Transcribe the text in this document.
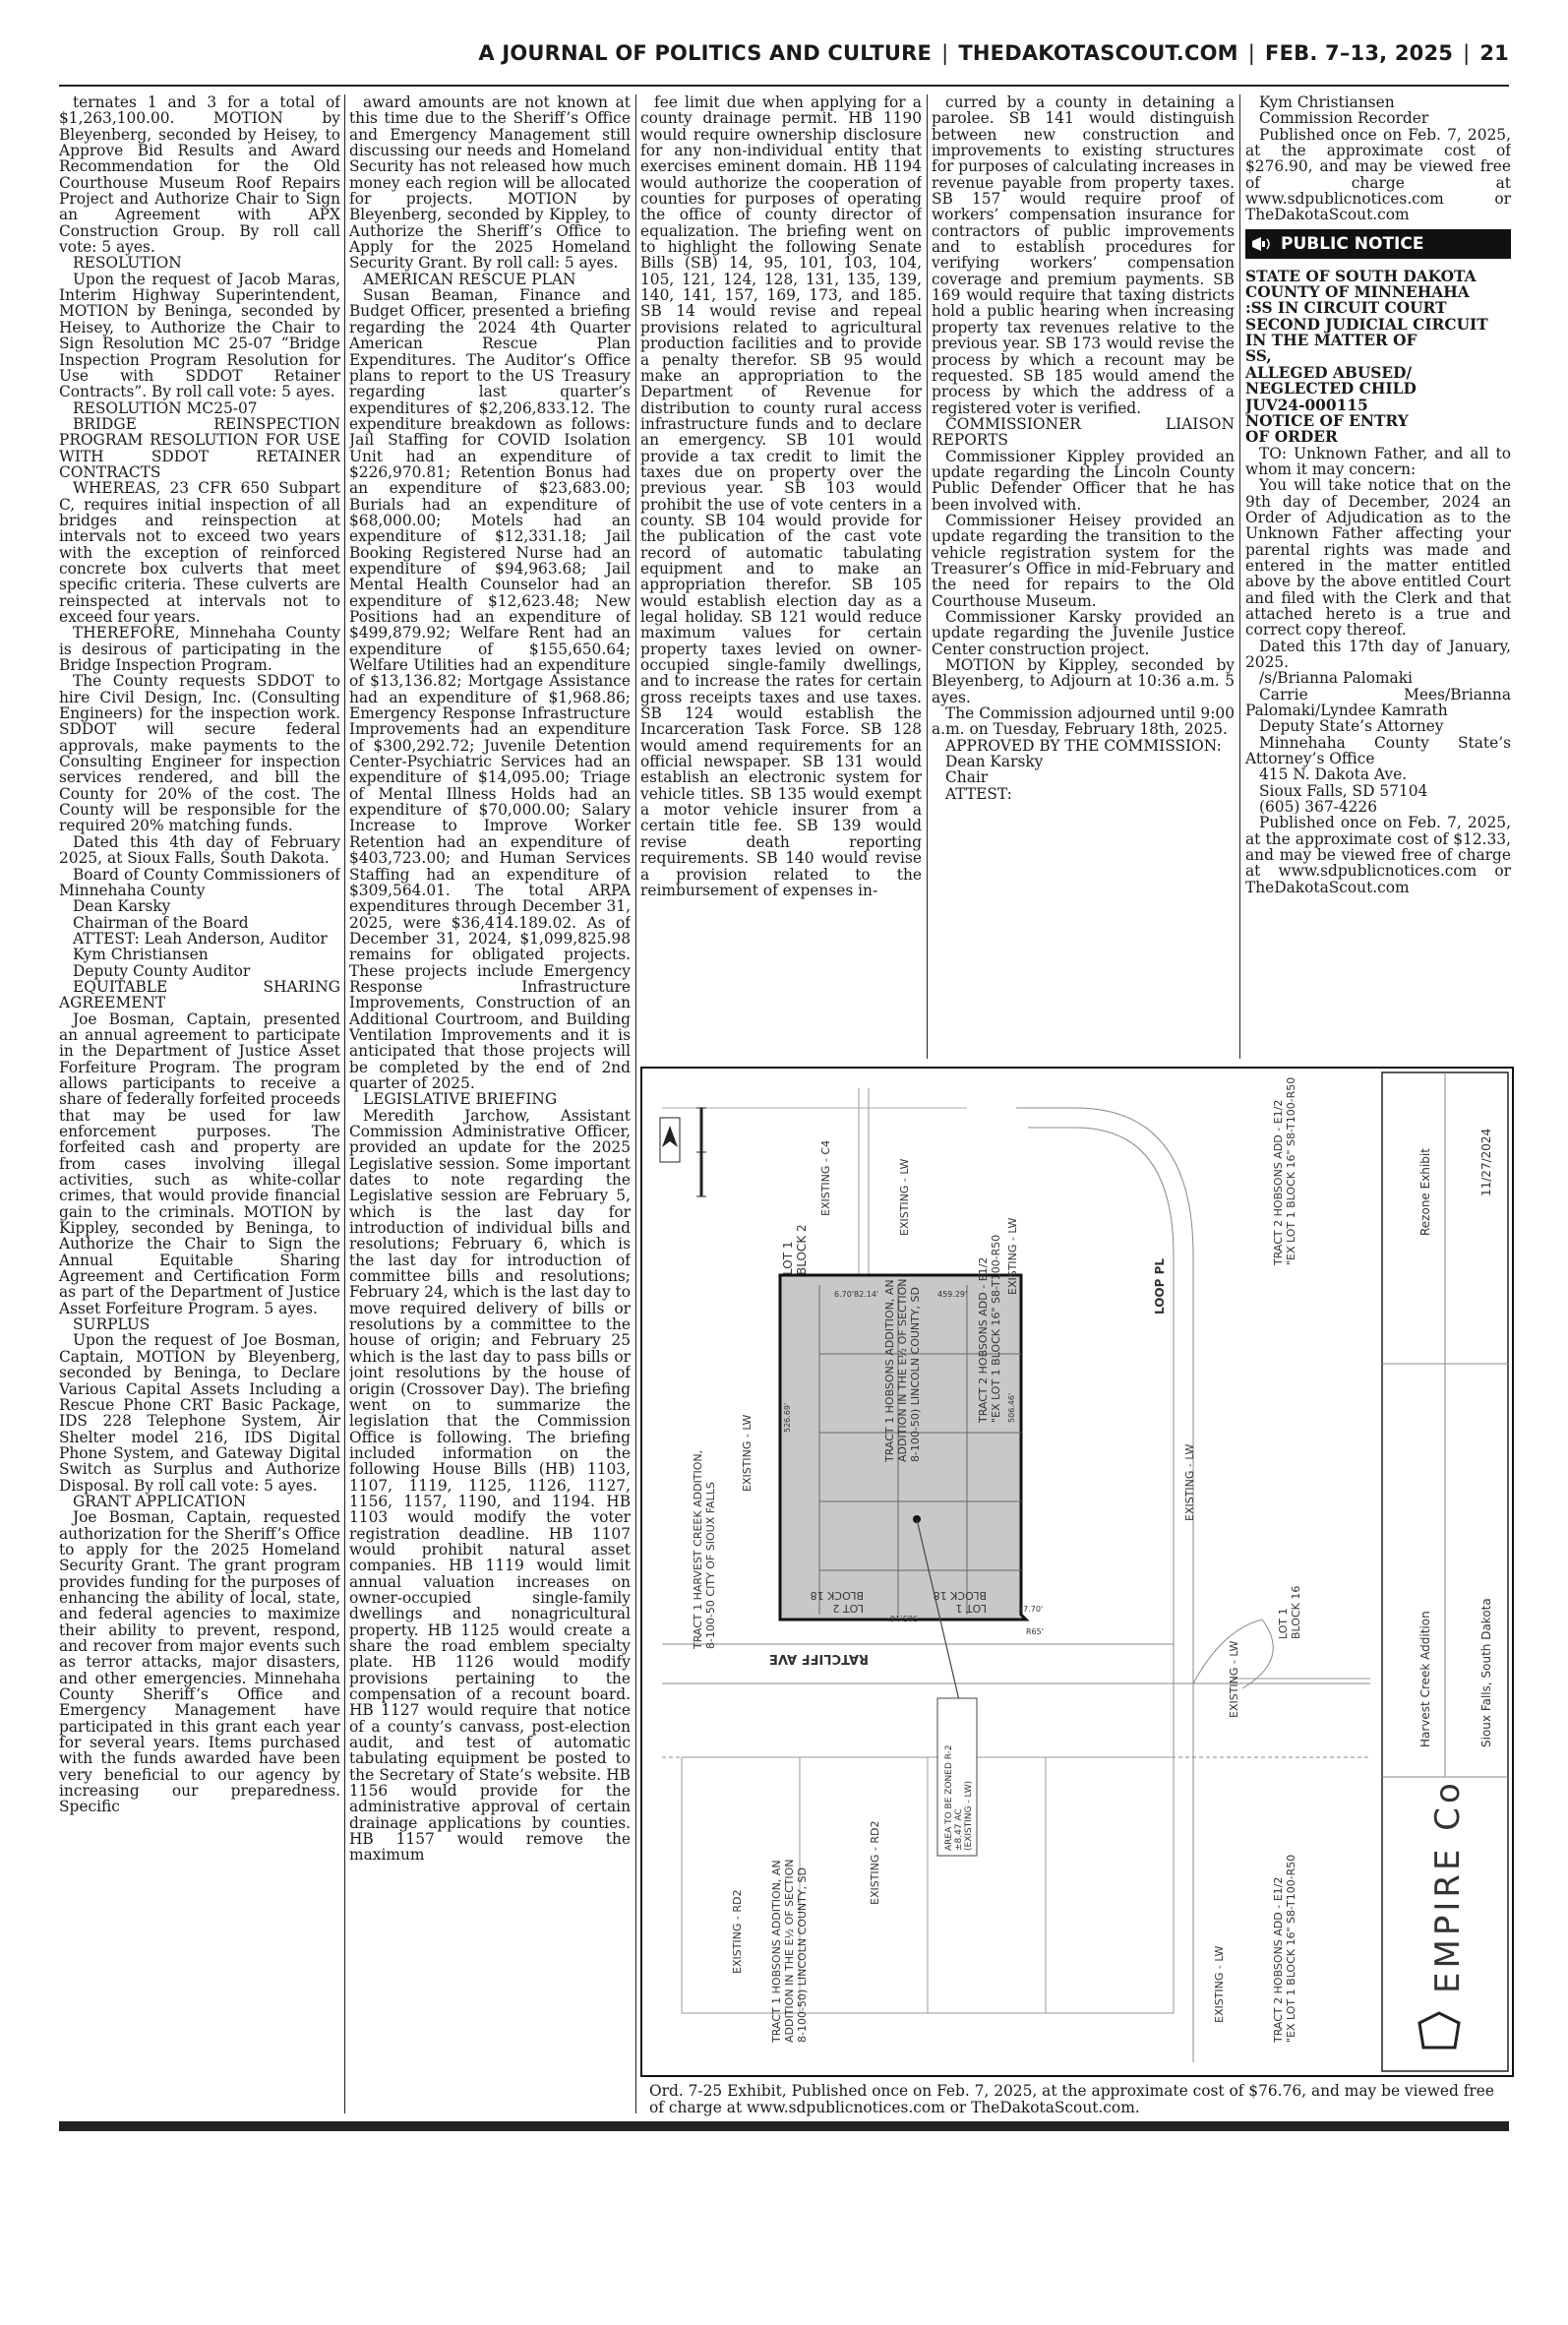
A JOURNAL OF POLITICS AND CULTURE | THEDAKOTASCOUT.COM | FEB. 7–13, 2025 | 21

ternates 1 and 3 for a total of $1,263,100.00. MOTION by Bleyenberg, seconded by Heisey, to Approve Bid Results and Award Recommendation for the Old Courthouse Museum Roof Repairs Project and Authorize Chair to Sign an Agreement with APX Construction Group. By roll call vote: 5 ayes.

RESOLUTION

Upon the request of Jacob Maras, Interim Highway Superintendent, MOTION by Beninga, seconded by Heisey, to Authorize the Chair to Sign Resolution MC 25-07 “Bridge Inspection Program Resolution for Use with SDDOT Retainer Contracts”. By roll call vote: 5 ayes.

RESOLUTION MC25-07

BRIDGE REINSPECTION PROGRAM RESOLUTION FOR USE WITH SDDOT RETAINER CONTRACTS

WHEREAS, 23 CFR 650 Subpart C, requires initial inspection of all bridges and reinspection at intervals not to exceed two years with the exception of reinforced concrete box culverts that meet specific criteria. These culverts are reinspected at intervals not to exceed four years.

THEREFORE, Minnehaha County is desirous of participating in the Bridge Inspection Program.

The County requests SDDOT to hire Civil Design, Inc. (Consulting Engineers) for the inspection work. SDDOT will secure federal approvals, make payments to the Consulting Engineer for inspection services rendered, and bill the County for 20% of the cost. The County will be responsible for the required 20% matching funds.

Dated this 4th day of February 2025, at Sioux Falls, South Dakota.

Board of County Commissioners of Minnehaha County

Dean Karsky

Chairman of the Board

ATTEST: Leah Anderson, Auditor

Kym Christiansen

Deputy County Auditor

EQUITABLE SHARING AGREEMENT

Joe Bosman, Captain, presented an annual agreement to participate in the Department of Justice Asset Forfeiture Program. The program allows participants to receive a share of federally forfeited proceeds that may be used for law enforcement purposes. The forfeited cash and property are from cases involving illegal activities, such as white-collar crimes, that would provide financial gain to the criminals. MOTION by Kippley, seconded by Beninga, to Authorize the Chair to Sign the Annual Equitable Sharing Agreement and Certification Form as part of the Department of Justice Asset Forfeiture Program. 5 ayes.

SURPLUS

Upon the request of Joe Bosman, Captain, MOTION by Bleyenberg, seconded by Beninga, to Declare Various Capital Assets Including a Rescue Phone CRT Basic Package, IDS 228 Telephone System, Air Shelter model 216, IDS Digital Phone System, and Gateway Digital Switch as Surplus and Authorize Disposal. By roll call vote: 5 ayes.

GRANT APPLICATION

Joe Bosman, Captain, requested authorization for the Sheriff’s Office to apply for the 2025 Homeland Security Grant. The grant program provides funding for the purposes of enhancing the ability of local, state, and federal agencies to maximize their ability to prevent, respond, and recover from major events such as terror attacks, major disasters, and other emergencies. Minnehaha County Sheriff’s Office and Emergency Management have participated in this grant each year for several years. Items purchased with the funds awarded have been very beneficial to our agency by increasing our preparedness. Specific

award amounts are not known at this time due to the Sheriff’s Office and Emergency Management still discussing our needs and Homeland Security has not released how much money each region will be allocated for projects. MOTION by Bleyenberg, seconded by Kippley, to Authorize the Sheriff’s Office to Apply for the 2025 Homeland Security Grant. By roll call: 5 ayes.

AMERICAN RESCUE PLAN

Susan Beaman, Finance and Budget Officer, presented a briefing regarding the 2024 4th Quarter American Rescue Plan Expenditures. The Auditor’s Office plans to report to the US Treasury regarding last quarter’s expenditures of $2,206,833.12. The expenditure breakdown as follows: Jail Staffing for COVID Isolation Unit had an expenditure of $226,970.81; Retention Bonus had an expenditure of $23,683.00; Burials had an expenditure of $68,000.00; Motels had an expenditure of $12,331.18; Jail Booking Registered Nurse had an expenditure of $94,963.68; Jail Mental Health Counselor had an expenditure of $12,623.48; New Positions had an expenditure of $499,879.92; Welfare Rent had an expenditure of $155,650.64; Welfare Utilities had an expenditure of $13,136.82; Mortgage Assistance had an expenditure of $1,968.86; Emergency Response Infrastructure Improvements had an expenditure of $300,292.72; Juvenile Detention Center-Psychiatric Services had an expenditure of $14,095.00; Triage of Mental Illness Holds had an expenditure of $70,000.00; Salary Increase to Improve Worker Retention had an expenditure of $403,723.00; and Human Services Staffing had an expenditure of $309,564.01. The total ARPA expenditures through December 31, 2025, were $36,414.189.02. As of December 31, 2024, $1,099,825.98 remains for obligated projects. These projects include Emergency Response Infrastructure Improvements, Construction of an Additional Courtroom, and Building Ventilation Improvements and it is anticipated that those projects will be completed by the end of 2nd quarter of 2025.

LEGISLATIVE BRIEFING

Meredith Jarchow, Assistant Commission Administrative Officer, provided an update for the 2025 Legislative session. Some important dates to note regarding the Legislative session are February 5, which is the last day for introduction of individual bills and resolutions; February 6, which is the last day for introduction of committee bills and resolutions; February 24, which is the last day to move required delivery of bills or resolutions by a committee to the house of origin; and February 25 which is the last day to pass bills or joint resolutions by the house of origin (Crossover Day). The briefing went on to summarize the legislation that the Commission Office is following. The briefing included information on the following House Bills (HB) 1103, 1107, 1119, 1125, 1126, 1127, 1156, 1157, 1190, and 1194. HB 1103 would modify the voter registration deadline. HB 1107 would prohibit natural asset companies. HB 1119 would limit annual valuation increases on owner-occupied single-family dwellings and nonagricultural property. HB 1125 would create a share the road emblem specialty plate. HB 1126 would modify provisions pertaining to the compensation of a recount board. HB 1127 would require that notice of a county’s canvass, post-election audit, and test of automatic tabulating equipment be posted to the Secretary of State’s website. HB 1156 would provide for the administrative approval of certain drainage applications by counties. HB 1157 would remove the maximum

fee limit due when applying for a county drainage permit. HB 1190 would require ownership disclosure for any non-individual entity that exercises eminent domain. HB 1194 would authorize the cooperation of counties for purposes of operating the office of county director of equalization. The briefing went on to highlight the following Senate Bills (SB) 14, 95, 101, 103, 104, 105, 121, 124, 128, 131, 135, 139, 140, 141, 157, 169, 173, and 185. SB 14 would revise and repeal provisions related to agricultural production facilities and to provide a penalty therefor. SB 95 would make an appropriation to the Department of Revenue for distribution to county rural access infrastructure funds and to declare an emergency. SB 101 would provide a tax credit to limit the taxes due on property over the previous year. SB 103 would prohibit the use of vote centers in a county. SB 104 would provide for the publication of the cast vote record of automatic tabulating equipment and to make an appropriation therefor. SB 105 would establish election day as a legal holiday. SB 121 would reduce maximum values for certain property taxes levied on owner-occupied single-family dwellings, and to increase the rates for certain gross receipts taxes and use taxes. SB 124 would establish the Incarceration Task Force. SB 128 would amend requirements for an official newspaper. SB 131 would establish an electronic system for vehicle titles. SB 135 would exempt a motor vehicle insurer from a certain title fee. SB 139 would revise death reporting requirements. SB 140 would revise a provision related to the reimbursement of expenses in-

curred by a county in detaining a parolee. SB 141 would distinguish between new construction and improvements to existing structures for purposes of calculating increases in revenue payable from property taxes. SB 157 would require proof of workers’ compensation insurance for contractors of public improvements and to establish procedures for verifying workers’ compensation coverage and premium payments. SB 169 would require that taxing districts hold a public hearing when increasing property tax revenues relative to the previous year. SB 173 would revise the process by which a recount may be requested. SB 185 would amend the process by which the address of a registered voter is verified.

COMMISSIONER LIAISON REPORTS

Commissioner Kippley provided an update regarding the Lincoln County Public Defender Officer that he has been involved with.

Commissioner Heisey provided an update regarding the transition to the vehicle registration system for the Treasurer’s Office in mid-February and the need for repairs to the Old Courthouse Museum.

Commissioner Karsky provided an update regarding the Juvenile Justice Center construction project.

MOTION by Kippley, seconded by Bleyenberg, to Adjourn at 10:36 a.m. 5 ayes.

The Commission adjourned until 9:00 a.m. on Tuesday, February 18th, 2025.

APPROVED BY THE COMMISSION:

Dean Karsky

Chair

ATTEST:

Kym Christiansen

Commission Recorder

Published once on Feb. 7, 2025, at the approximate cost of $276.90, and may be viewed free of charge at www.sdpublicnotices.com or TheDakotaScout.com

PUBLIC NOTICE

STATE OF SOUTH DAKOTA

COUNTY OF MINNEHAHA

:SS IN CIRCUIT COURT

SECOND JUDICIAL CIRCUIT

IN THE MATTER OF

SS,

ALLEGED ABUSED/

NEGLECTED CHILD

JUV24-000115

NOTICE OF ENTRY

OF ORDER

TO: Unknown Father, and all to whom it may concern:

You will take notice that on the 9th day of December, 2024 an Order of Adjudication as to the Unknown Father affecting your parental rights was made and entered in the matter entitled above by the above entitled Court and filed with the Clerk and that attached hereto is a true and correct copy thereof.

Dated this 17th day of January, 2025.

/s/Brianna Palomaki

Carrie Mees/Brianna Palomaki/Lyndee Kamrath

Deputy State’s Attorney

Minnehaha County State’s Attorney’s Office

415 N. Dakota Ave.

Sioux Falls, SD 57104

(605) 367-4226

Published once on Feb. 7, 2025, at the approximate cost of $12.33, and may be viewed free of charge at www.sdpublicnotices.com or TheDakotaScout.com

LOT 1BLOCK 2
EXISTING - C4	EXISTING - LW
EXISTING - LW	EXISTING - LW
EXISTING - LW
EXISTING - LW
EXISTING - LW
LOOP PL
RATCLIFF AVE
TRACT 1 HARVEST CREEK ADDITION,8-100-50 CITY OF SIOUX FALLS
TRACT 1 HOBSONS ADDITION, ANADDITION IN THE E½ OF SECTION8-100-50) LINCOLN COUNTY, SD	TRACT 2 HOBSONS ADD - E1/2"EX LOT 1 BLOCK 16" S8-T100-R50
TRACT 2 HOBSONS ADD - E1/2"EX LOT 1 BLOCK 16" S8-T100-R50
TRACT 2 HOBSONS ADD - E1/2"EX LOT 1 BLOCK 16" S8-T100-R50
LOT 2BLOCK 18
LOT 1BLOCK 18
LOT 1BLOCK 16
TRACT 1 HOBSONS ADDITION, ANADDITION IN THE E½ OF SECTION8-100-50) LINCOLN COUNTY, SD
EXISTING - RD2
EXISTING - RD2
AREA TO BE ZONED R-2±8.47 AC(EXISTING - LW)
6.70' 82.14'	459.29'
526.69'	506.46'
505.16'
37.70'
R65'	Harvest Creek Addition	Sioux Falls, South Dakota
Rezone Exhibit	11/27/2024
EMPIRE Co
Ord. 7-25 Exhibit, Published once on Feb. 7, 2025, at the approximate cost of $76.76, and may be viewed free of charge at www.sdpublicnotices.com or TheDakotaScout.com.
